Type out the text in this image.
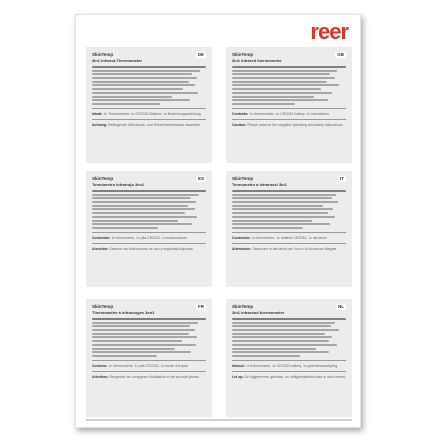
reer
SkinTemp	DE
3in1 Infrarot-Thermometer
Inhalt: 1x Thermometer, 1x CR2032 Batterie, 1x Bedienungsanleitung
Achtung: Beiliegende Gebrauchs- und Sicherheitshinweise beachten.
SkinTemp	GB
3in1 infrared thermometer
Contents: 1x thermometer, 1x CR2032 battery, 1x instructions
Caution: Please observe the supplied operating and safety instructions.
SkinTemp	ES
Termómetro infrarrojo 3en1
Contenido: 1x termómetro, 1x pila CR2032, 1x instrucciones
Atención: Observe las indicaciones de uso y seguridad adjuntas.
SkinTemp	IT
Termometro a infrarossi 3in1
Contenuto: 1x termometro, 1x batteria CR2032, 1x istruzioni
Attenzione: Osservare le istruzioni per l'uso e di sicurezza allegate.
SkinTemp	FR
Thermomètre à infrarouges 3en1
Contenu: 1x thermomètre, 1x pile CR2032, 1x mode d'emploi
Attention: Respecter les consignes d'utilisation et de sécurité jointes.
SkinTemp	NL
3in1 infrarood thermometer
Inhoud: 1x thermometer, 1x CR2032 batterij, 1x gebruiksaanwijzing
Let op: De bijgeleverde gebruiks- en veiligheidsinstructies in acht nemen.
